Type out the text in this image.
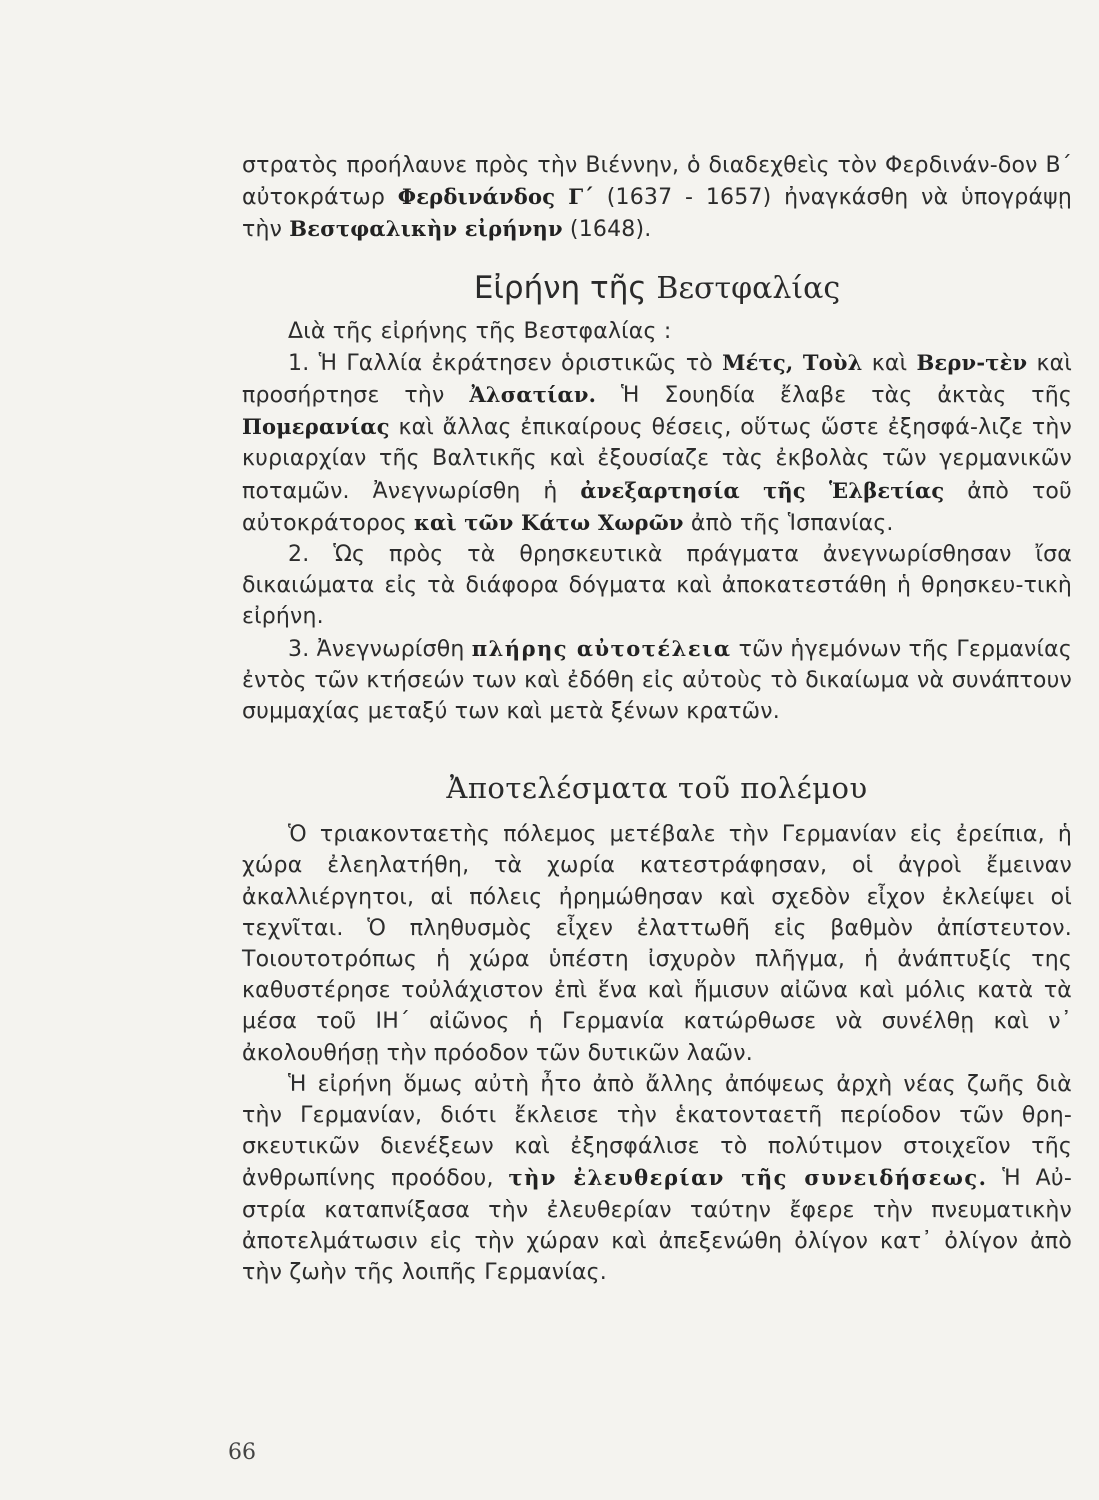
στρατὸς προήλαυνε πρὸς τὴν Βιέννην, ὁ διαδεχθεὶς τὸν Φερδινάν-δον Β΄ αὐτοκράτωρ Φερδινάνδος Γ΄ (1637 - 1657) ἠναγκάσθη νὰ ὑπογράψῃ τὴν Βεστφαλικὴν εἰρήνην (1648).

Εἰρήνη τῆς Βεστφαλίας

Διὰ τῆς εἰρήνης τῆς Βεστφαλίας :

1. Ἡ Γαλλία ἐκράτησεν ὁριστικῶς τὸ Μέτς, Τοὺλ καὶ Βερν-τὲν καὶ προσήρτησε τὴν Ἀλσατίαν. Ἡ Σουηδία ἔλαβε τὰς ἀκτὰς τῆς Πομερανίας καὶ ἄλλας ἐπικαίρους θέσεις, οὕτως ὥστε ἐξησφά-λιζε τὴν κυριαρχίαν τῆς Βαλτικῆς καὶ ἐξουσίαζε τὰς ἐκβολὰς τῶν γερμανικῶν ποταμῶν. Ἀνεγνωρίσθη ἡ ἀνεξαρτησία τῆς Ἑλβετίας ἀπὸ τοῦ αὐτοκράτορος καὶ τῶν Κάτω Χωρῶν ἀπὸ τῆς Ἱσπανίας.

2. Ὡς πρὸς τὰ θρησκευτικὰ πράγματα ἀνεγνωρίσθησαν ἴσα δικαιώματα εἰς τὰ διάφορα δόγματα καὶ ἀποκατεστάθη ἡ θρησκευ-τικὴ εἰρήνη.

3. Ἀνεγνωρίσθη πλήρης αὐτοτέλεια τῶν ἡγεμόνων τῆς Γερμανίας ἐντὸς τῶν κτήσεών των καὶ ἐδόθη εἰς αὐτοὺς τὸ δικαίωμα νὰ συνάπτουν συμμαχίας μεταξύ των καὶ μετὰ ξένων κρατῶν.

Ἀποτελέσματα τοῦ πολέμου

Ὁ τριακονταετὴς πόλεμος μετέβαλε τὴν Γερμανίαν εἰς ἐρείπια, ἡ χώρα ἐλεηλατήθη, τὰ χωρία κατεστράφησαν, οἱ ἀγροὶ ἔμειναν ἀκαλλιέργητοι, αἱ πόλεις ἠρημώθησαν καὶ σχεδὸν εἶχον ἐκλείψει οἱ τεχνῖται. Ὁ πληθυσμὸς εἶχεν ἐλαττωθῆ εἰς βαθμὸν ἀπίστευτον. Τοιουτοτρόπως ἡ χώρα ὑπέστη ἰσχυρὸν πλῆγμα, ἡ ἀνάπτυξίς της καθυστέρησε τοὐλάχιστον ἐπὶ ἕνα καὶ ἥμισυν αἰῶνα καὶ μόλις κατὰ τὰ μέσα τοῦ ΙΗ΄ αἰῶνος ἡ Γερμανία κατώρθωσε νὰ συνέλθῃ καὶ ν᾽ ἀκολουθήσῃ τὴν πρόοδον τῶν δυτικῶν λαῶν.

Ἡ εἰρήνη ὅμως αὐτὴ ἦτο ἀπὸ ἄλλης ἀπόψεως ἀρχὴ νέας ζωῆς διὰ τὴν Γερμανίαν, διότι ἔκλεισε τὴν ἑκατονταετῆ περίοδον τῶν θρη-σκευτικῶν διενέξεων καὶ ἐξησφάλισε τὸ πολύτιμον στοιχεῖον τῆς ἀνθρωπίνης προόδου, τὴν ἐλευθερίαν τῆς συνειδήσεως. Ἡ Αὐ-στρία καταπνίξασα τὴν ἐλευθερίαν ταύτην ἔφερε τὴν πνευματικὴν ἀποτελμάτωσιν εἰς τὴν χώραν καὶ ἀπεξενώθη ὀλίγον κατ᾽ ὀλίγον ἀπὸ τὴν ζωὴν τῆς λοιπῆς Γερμανίας.

66
